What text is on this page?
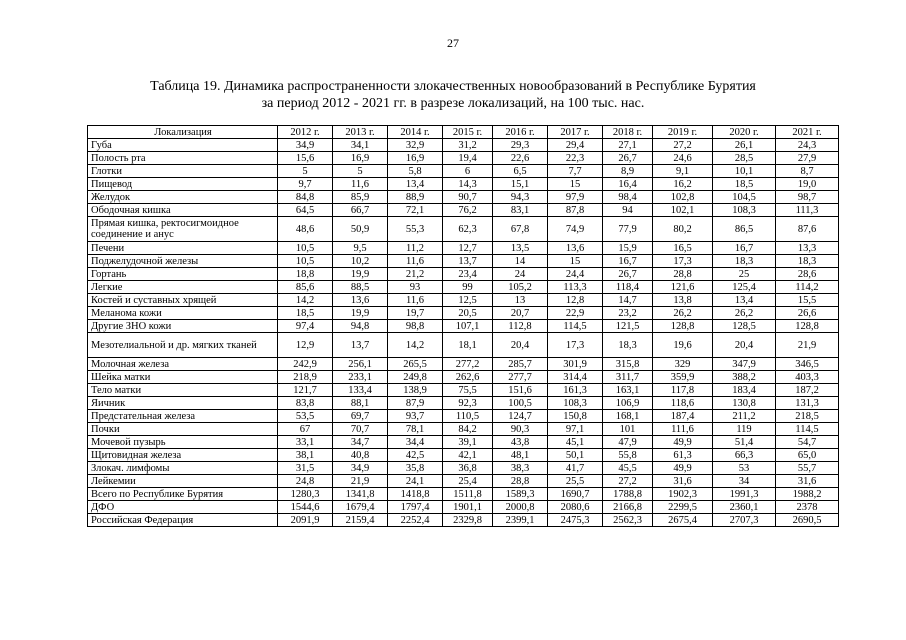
27
Таблица 19. Динамика распространенности злокачественных новообразований в Республике Бурятия
за период 2012 - 2021 гг. в разрезе локализаций, на 100 тыс. нас.
Локализация	2012 г.	2013 г.	2014 г.	2015 г.	2016 г.	2017 г.	2018 г.	2019 г.	2020 г.	2021 г.
Губа	34,9	34,1	32,9	31,2	29,3	29,4	27,1	27,2	26,1	24,3
Полость рта	15,6	16,9	16,9	19,4	22,6	22,3	26,7	24,6	28,5	27,9
Глотки	5	5	5,8	6	6,5	7,7	8,9	9,1	10,1	8,7
Пищевод	9,7	11,6	13,4	14,3	15,1	15	16,4	16,2	18,5	19,0
Желудок	84,8	85,9	88,9	90,7	94,3	97,9	98,4	102,8	104,5	98,7
Ободочная кишка	64,5	66,7	72,1	76,2	83,1	87,8	94	102,1	108,3	111,3
Прямая кишка, ректосигмоидное соединение и анус	48,6	50,9	55,3	62,3	67,8	74,9	77,9	80,2	86,5	87,6
Печени	10,5	9,5	11,2	12,7	13,5	13,6	15,9	16,5	16,7	13,3
Поджелудочной железы	10,5	10,2	11,6	13,7	14	15	16,7	17,3	18,3	18,3
Гортань	18,8	19,9	21,2	23,4	24	24,4	26,7	28,8	25	28,6
Легкие	85,6	88,5	93	99	105,2	113,3	118,4	121,6	125,4	114,2
Костей и суставных хрящей	14,2	13,6	11,6	12,5	13	12,8	14,7	13,8	13,4	15,5
Меланома кожи	18,5	19,9	19,7	20,5	20,7	22,9	23,2	26,2	26,2	26,6
Другие ЗНО кожи	97,4	94,8	98,8	107,1	112,8	114,5	121,5	128,8	128,5	128,8
Мезотелиальной и др. мягких тканей	12,9	13,7	14,2	18,1	20,4	17,3	18,3	19,6	20,4	21,9
Молочная железа	242,9	256,1	265,5	277,2	285,7	301,9	315,8	329	347,9	346,5
Шейка матки	218,9	233,1	249,8	262,6	277,7	314,4	311,7	359,9	388,2	403,3
Тело матки	121,7	133,4	138,9	75,5	151,6	161,3	163,1	117,8	183,4	187,2
Яичник	83,8	88,1	87,9	92,3	100,5	108,3	106,9	118,6	130,8	131,3
Предстательная железа	53,5	69,7	93,7	110,5	124,7	150,8	168,1	187,4	211,2	218,5
Почки	67	70,7	78,1	84,2	90,3	97,1	101	111,6	119	114,5
Мочевой пузырь	33,1	34,7	34,4	39,1	43,8	45,1	47,9	49,9	51,4	54,7
Щитовидная железа	38,1	40,8	42,5	42,1	48,1	50,1	55,8	61,3	66,3	65,0
Злокач. лимфомы	31,5	34,9	35,8	36,8	38,3	41,7	45,5	49,9	53	55,7
Лейкемии	24,8	21,9	24,1	25,4	28,8	25,5	27,2	31,6	34	31,6
Всего по Республике Бурятия	1280,3	1341,8	1418,8	1511,8	1589,3	1690,7	1788,8	1902,3	1991,3	1988,2
ДФО	1544,6	1679,4	1797,4	1901,1	2000,8	2080,6	2166,8	2299,5	2360,1	2378
Российская Федерация	2091,9	2159,4	2252,4	2329,8	2399,1	2475,3	2562,3	2675,4	2707,3	2690,5
